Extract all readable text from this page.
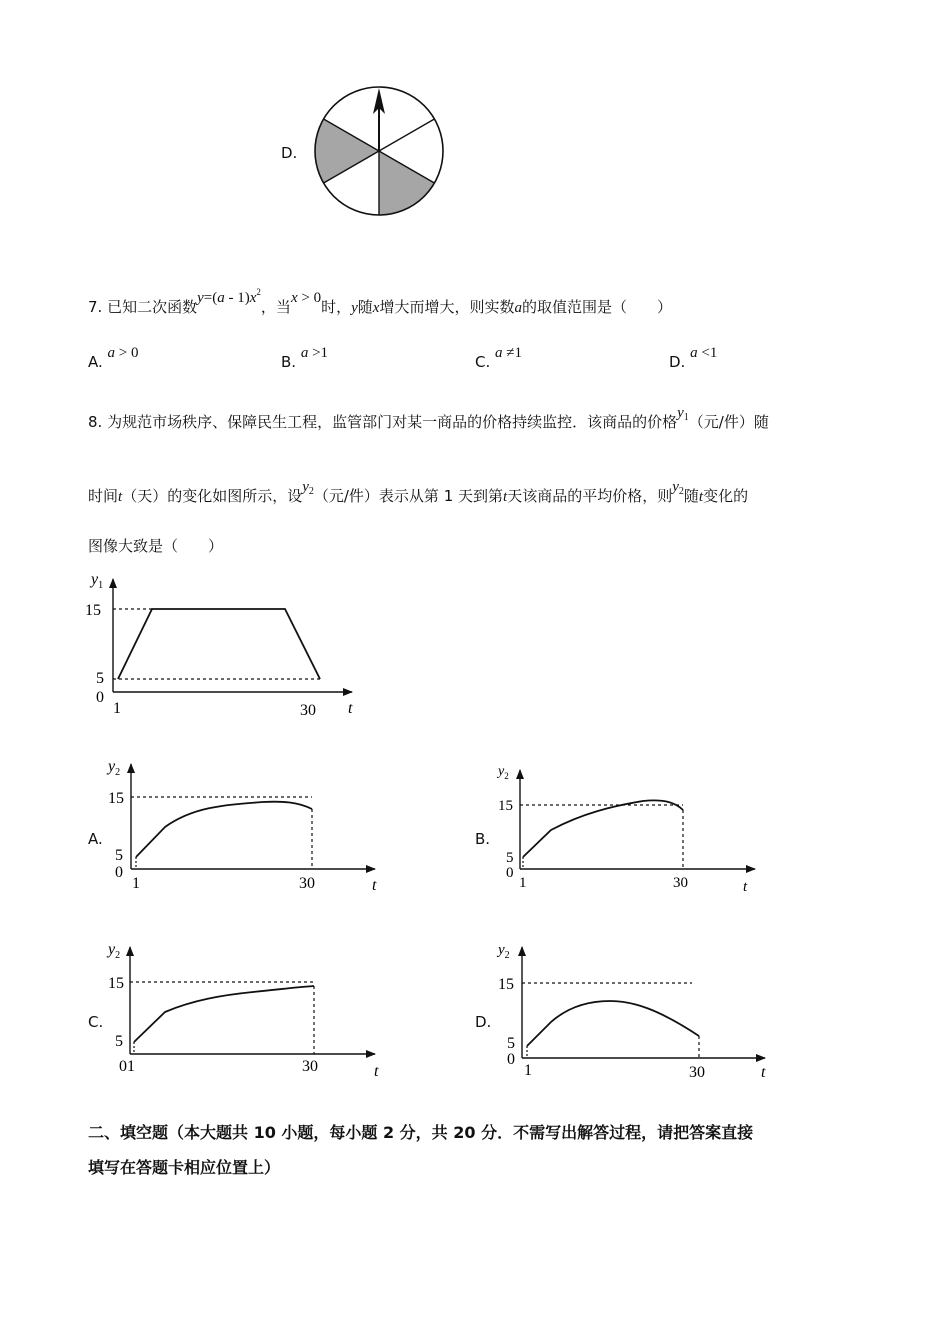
D.
7. 已知二次函数$y=(a - 1)x^2$，当x > 0时，y随x增大而增大，则实数a的取值范围是（　　）
A. a > 0	B. a >1	C. a ≠1	D. a <1
8. 为规范市场秩序、保障民生工程，监管部门对某一商品的价格持续监控．该商品的价格$y_1$（元/件）随
时间t（天）的变化如图所示，设$y_2$（元/件）表示从第 1 天到第t天该商品的平均价格，则$y_2$随t变化的
图像大致是（　　）
$y_1$
15
5
0
1	30 t
A.
$y_2$
15
5
0
1	30	t
B.
$y_2$
15
5
0
1	30	t
C.
$y_2$
15
5
01	30	t
D.
$y_2$
15
5
0
1	30	t
二、填空题（本大题共 10 小题，每小题 2 分，共 20 分．不需写出解答过程，请把答案直接
填写在答题卡相应位置上）
